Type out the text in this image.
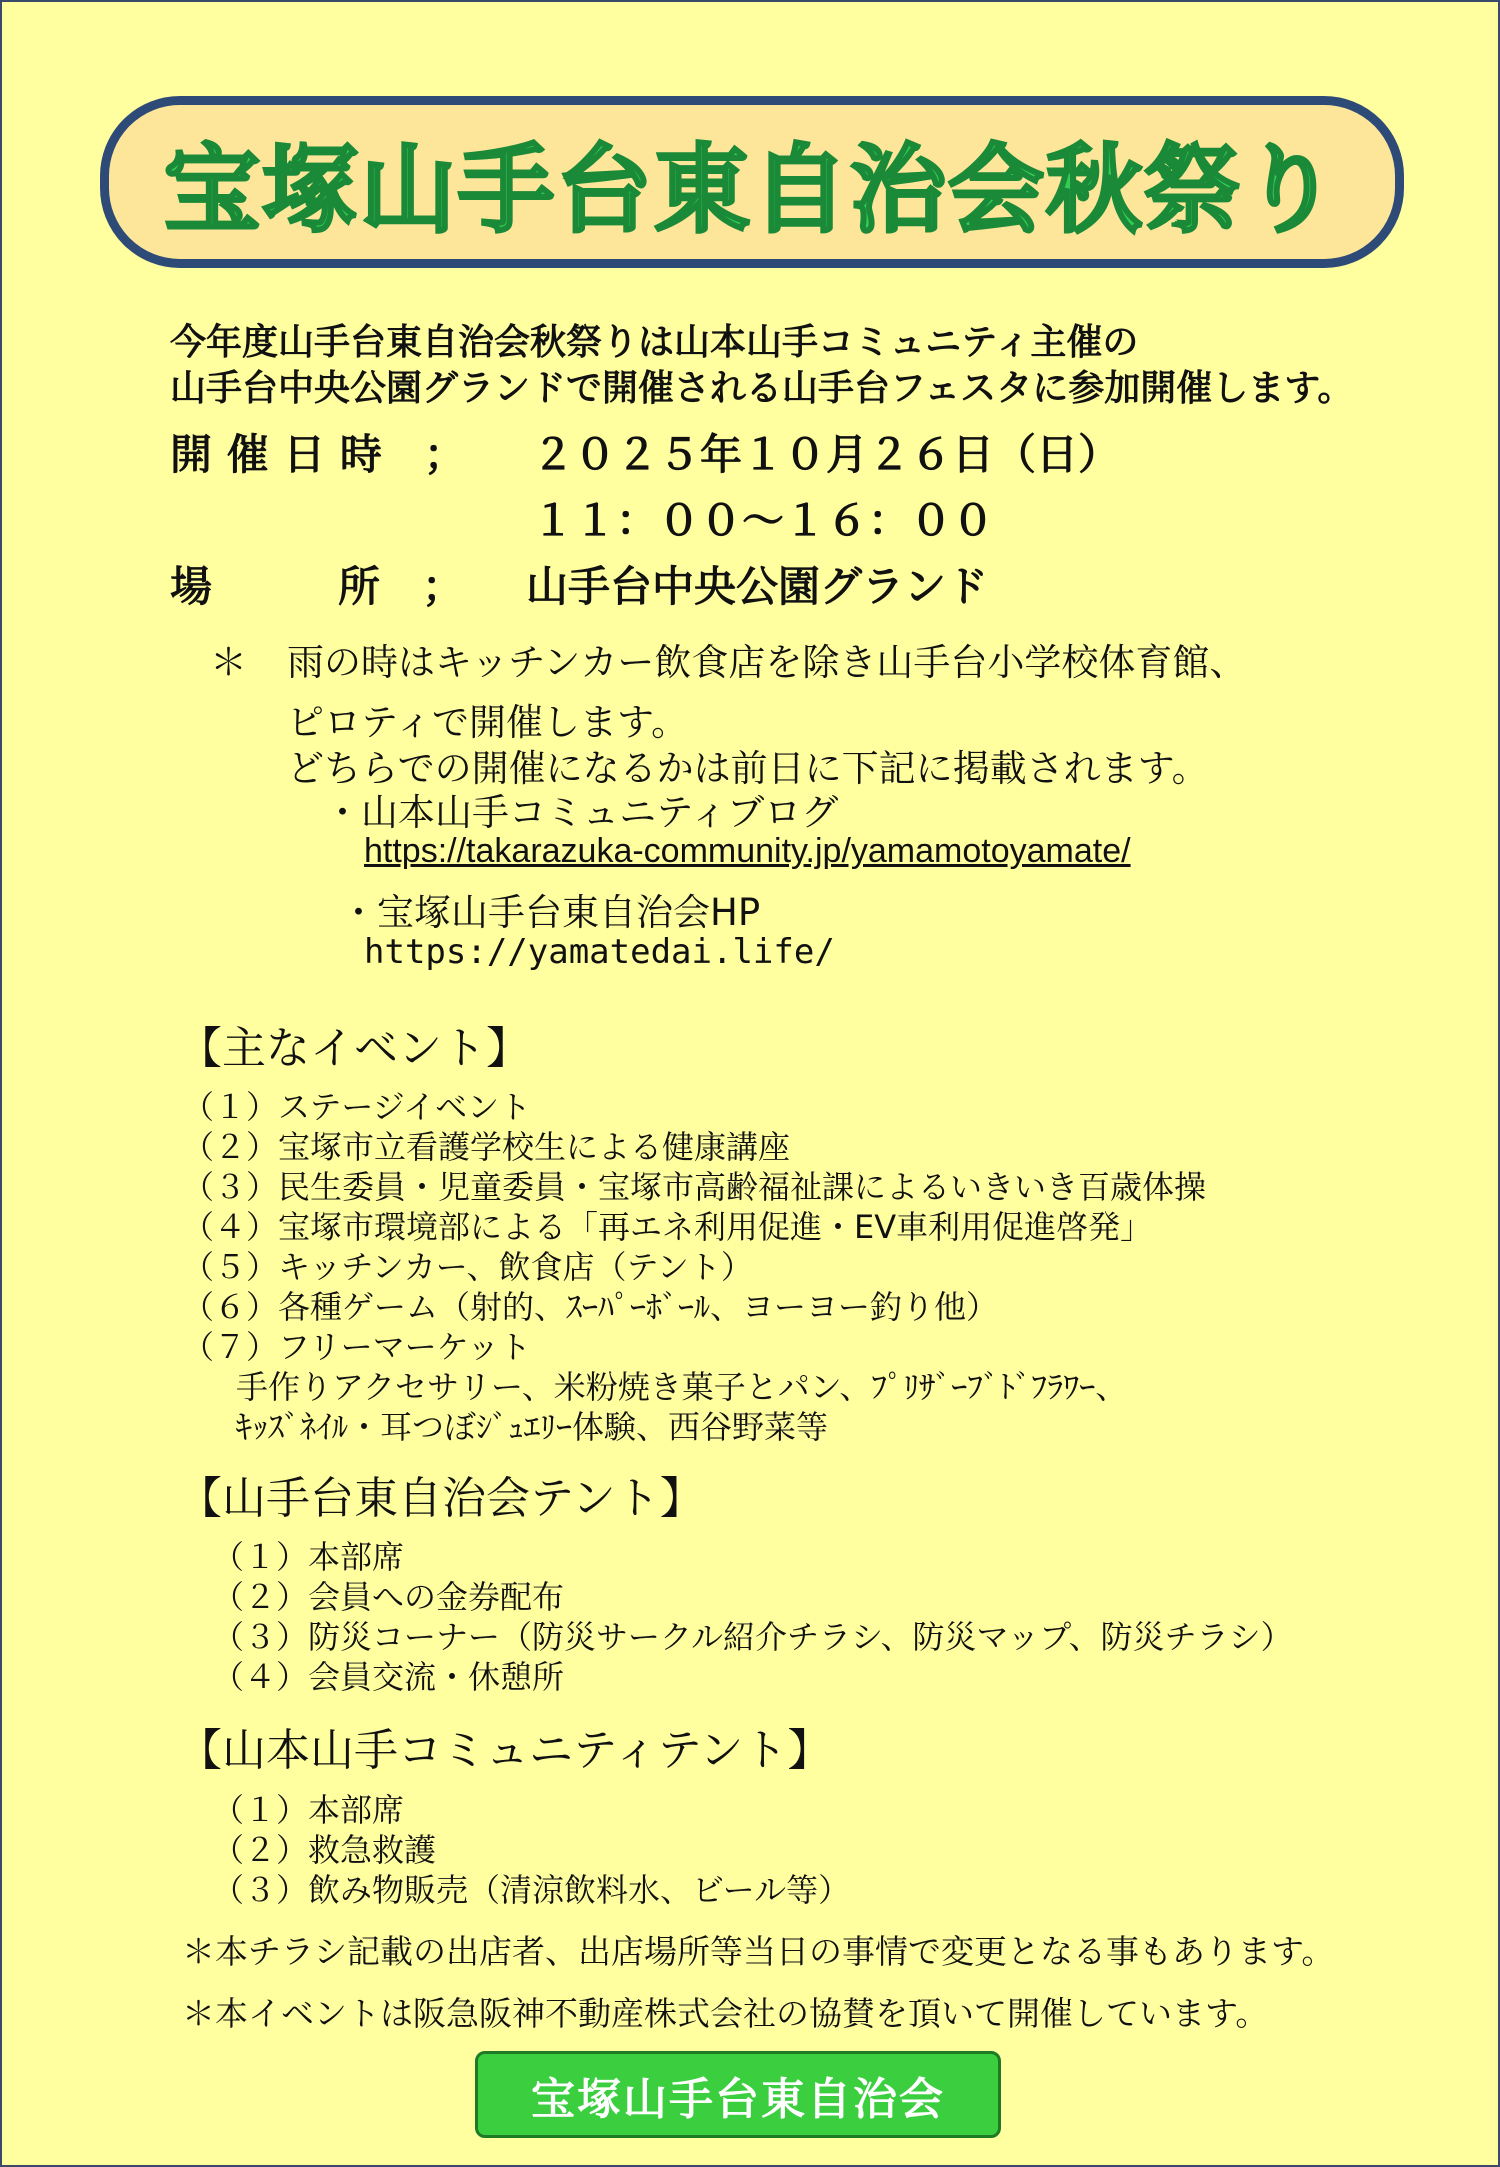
宝塚山手台東自治会秋祭り
今年度山手台東自治会秋祭りは山本山手コミュニティ主催の
山手台中央公園グランドで開催される山手台フェスタに参加開催します。
開 催 日 時　； ２０２５年１０月２６日（日）
１１：００～１６：００
場　　　所　； 山手台中央公園グランド
＊ 雨の時はキッチンカー飲食店を除き山手台小学校体育館、
ピロティで開催します。
どちらでの開催になるかは前日に下記に掲載されます。
・山本山手コミュニティブログ
https://takarazuka-community.jp/yamamotoyamate/
・宝塚山手台東自治会HP
https://yamatedai.life/
【主なイベント】
（１）ステージイベント
（２）宝塚市立看護学校生による健康講座
（３）民生委員・児童委員・宝塚市高齢福祉課によるいきいき百歳体操
（４）宝塚市環境部による「再エネ利用促進・EV車利用促進啓発」
（５）キッチンカー、飲食店（テント）
（６）各種ゲーム（射的、ｽｰﾊﾟｰﾎﾞｰﾙ、ヨーヨー釣り他）
（７）フリーマーケット
手作りアクセサリー、米粉焼き菓子とパン、ﾌﾟﾘｻﾞｰﾌﾞﾄﾞﾌﾗﾜｰ、
ｷｯｽﾞﾈｲﾙ・耳つぼｼﾞｭｴﾘｰ体験、西谷野菜等
【山手台東自治会テント】
（１）本部席
（２）会員への金券配布
（３）防災コーナー（防災サークル紹介チラシ、防災マップ、防災チラシ）
（４）会員交流・休憩所
【山本山手コミュニティテント】
（１）本部席
（２）救急救護
（３）飲み物販売（清涼飲料水、ビール等）
＊本チラシ記載の出店者、出店場所等当日の事情で変更となる事もあります。
＊本イベントは阪急阪神不動産株式会社の協賛を頂いて開催しています。
宝塚山手台東自治会
